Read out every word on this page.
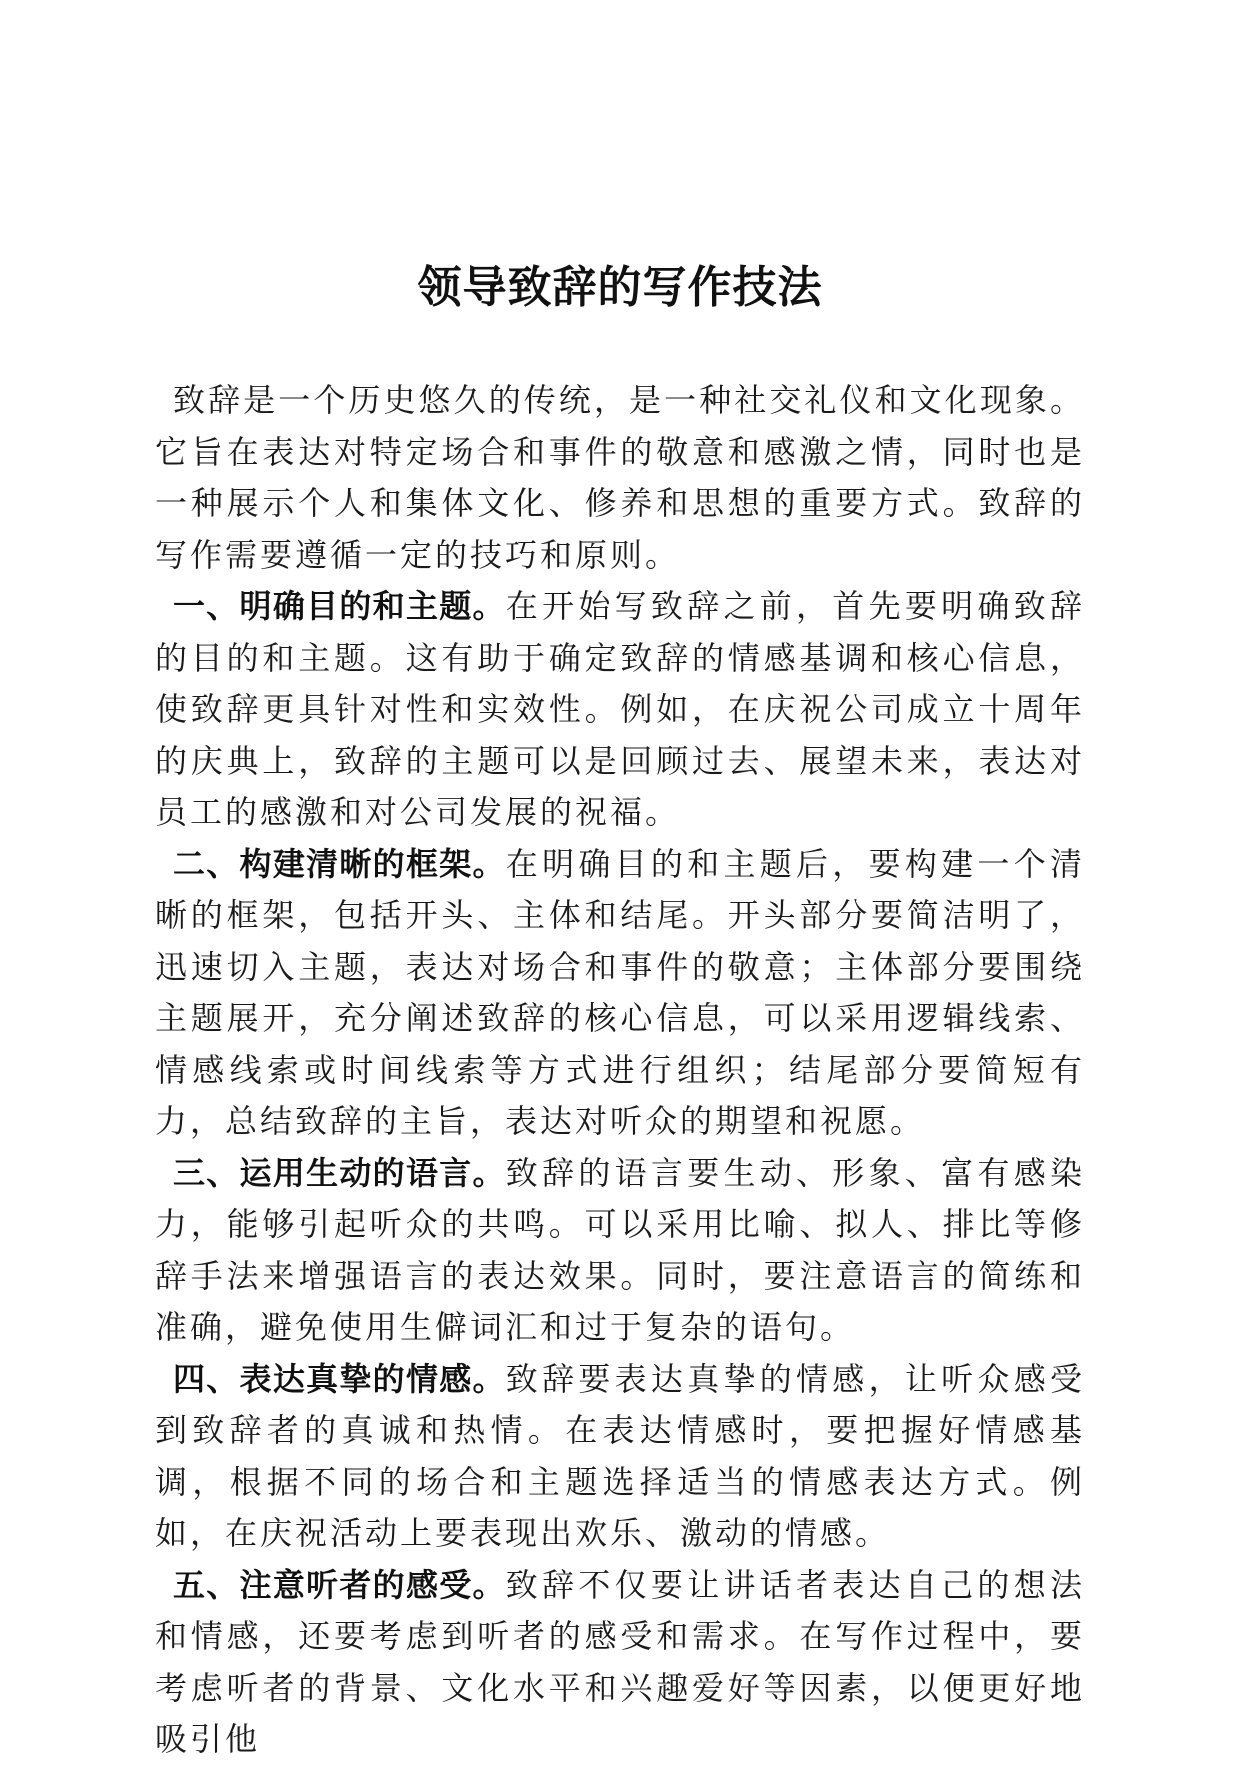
领导致辞的写作技法

致辞是一个历史悠久的传统，是一种社交礼仪和文化现象。它旨在表达对特定场合和事件的敬意和感激之情，同时也是一种展示个人和集体文化、修养和思想的重要方式。致辞的写作需要遵循一定的技巧和原则。

一、明确目的和主题。在开始写致辞之前，首先要明确致辞的目的和主题。这有助于确定致辞的情感基调和核心信息，使致辞更具针对性和实效性。例如，在庆祝公司成立十周年的庆典上，致辞的主题可以是回顾过去、展望未来，表达对员工的感激和对公司发展的祝福。

二、构建清晰的框架。在明确目的和主题后，要构建一个清晰的框架，包括开头、主体和结尾。开头部分要简洁明了，迅速切入主题，表达对场合和事件的敬意；主体部分要围绕主题展开，充分阐述致辞的核心信息，可以采用逻辑线索、情感线索或时间线索等方式进行组织；结尾部分要简短有力，总结致辞的主旨，表达对听众的期望和祝愿。

三、运用生动的语言。致辞的语言要生动、形象、富有感染力，能够引起听众的共鸣。可以采用比喻、拟人、排比等修辞手法来增强语言的表达效果。同时，要注意语言的简练和准确，避免使用生僻词汇和过于复杂的语句。

四、表达真挚的情感。致辞要表达真挚的情感，让听众感受到致辞者的真诚和热情。在表达情感时，要把握好情感基调，根据不同的场合和主题选择适当的情感表达方式。例如，在庆祝活动上要表现出欢乐、激动的情感。

五、注意听者的感受。致辞不仅要让讲话者表达自己的想法和情感，还要考虑到听者的感受和需求。在写作过程中，要考虑听者的背景、文化水平和兴趣爱好等因素，以便更好地吸引他
